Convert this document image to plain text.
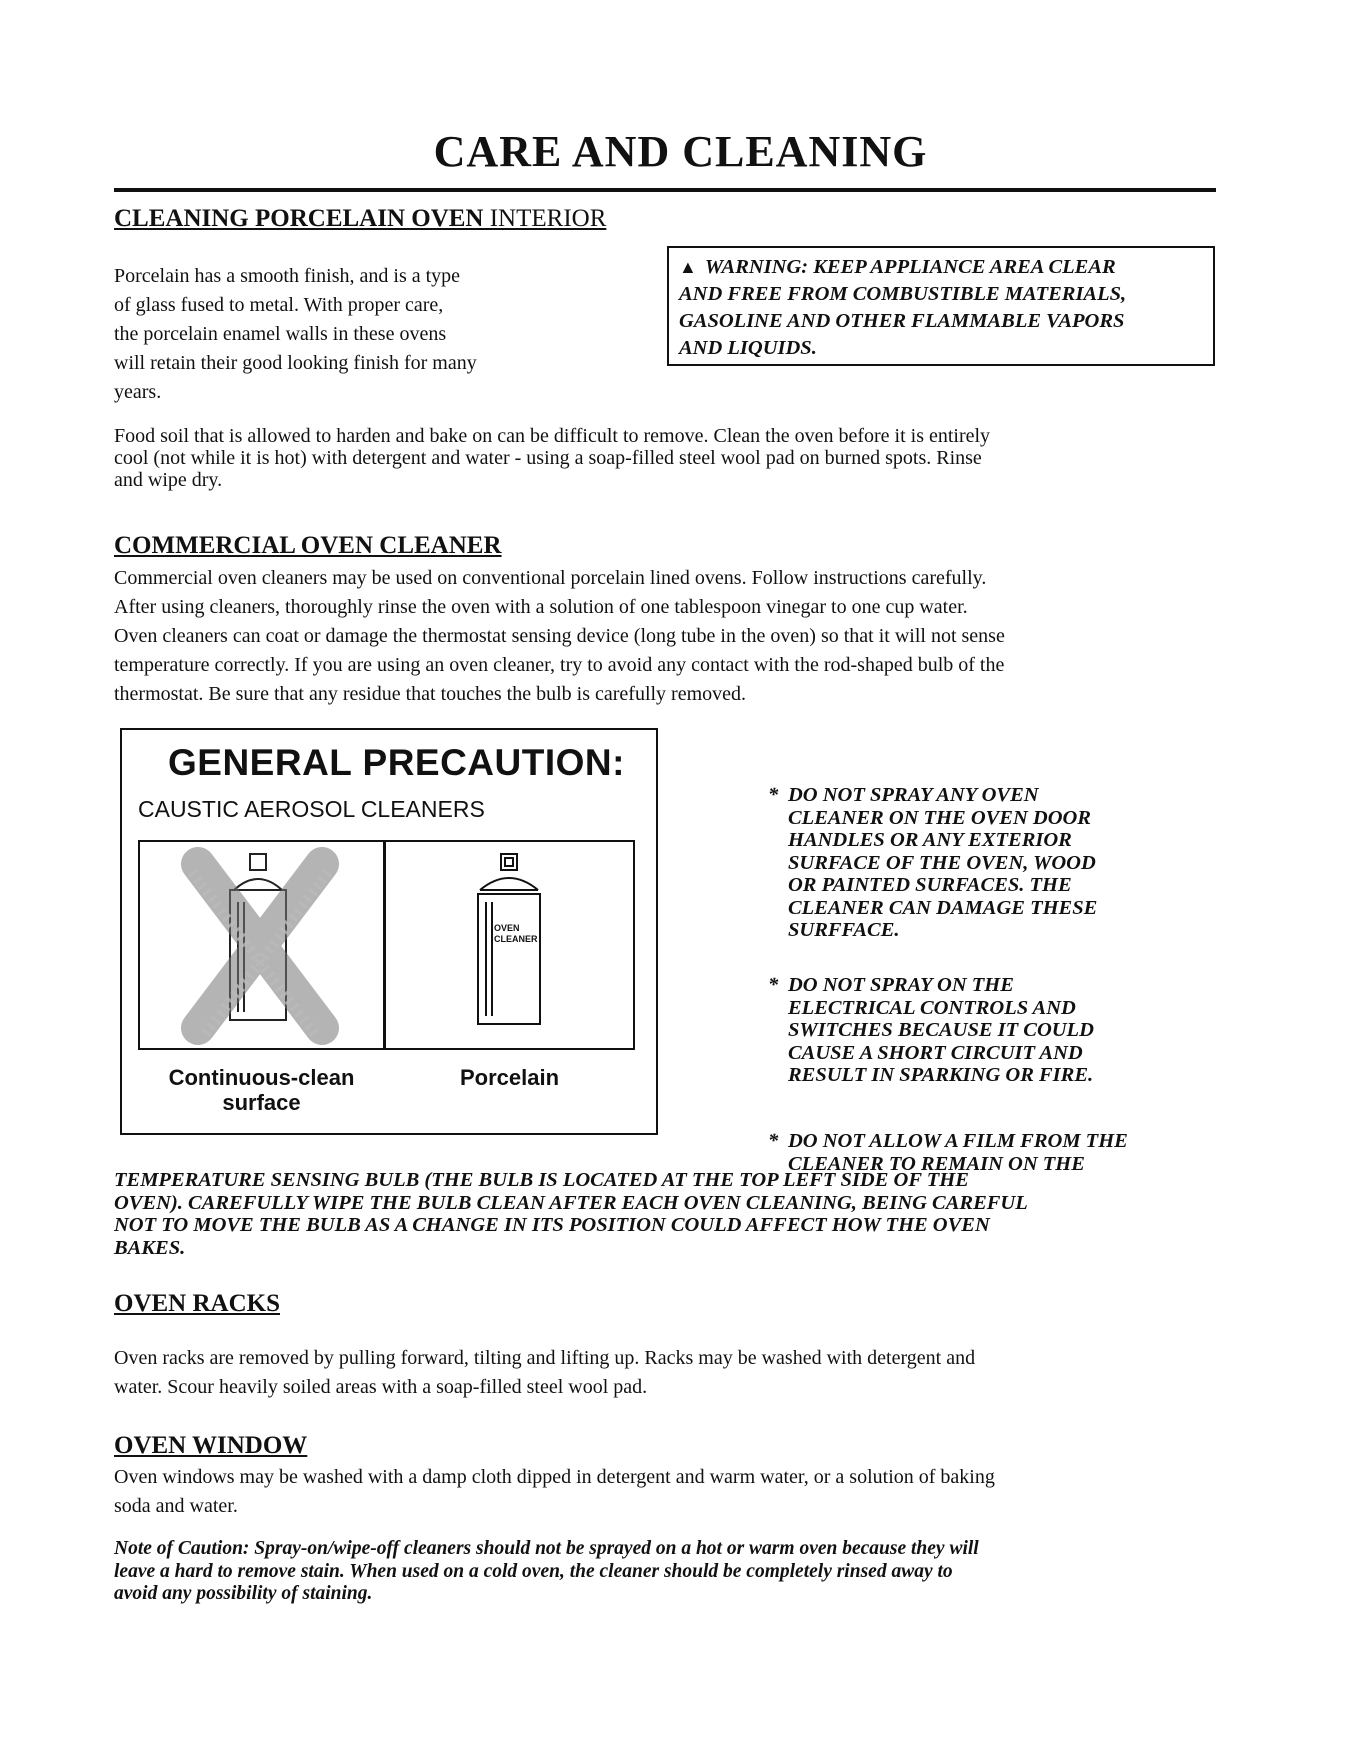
CARE AND CLEANING
CLEANING PORCELAIN OVEN INTERIOR

Porcelain has a smooth finish, and is a type

of glass fused to metal. With proper care,

the porcelain enamel walls in these ovens

will retain their good looking finish for many

years.

▲ WARNING: KEEP APPLIANCE AREA CLEAR
AND FREE FROM COMBUSTIBLE MATERIALS,
GASOLINE AND OTHER FLAMMABLE VAPORS
AND LIQUIDS.

Food soil that is allowed to harden and bake on can be difficult to remove. Clean the oven before it is entirely

cool (not while it is hot) with detergent and water - using a soap-filled steel wool pad on burned spots. Rinse

and wipe dry.

COMMERCIAL OVEN CLEANER

Commercial oven cleaners may be used on conventional porcelain lined ovens. Follow instructions carefully.

After using cleaners, thoroughly rinse the oven with a solution of one tablespoon vinegar to one cup water.

Oven cleaners can coat or damage the thermostat sensing device (long tube in the oven) so that it will not sense

temperature correctly. If you are using an oven cleaner, try to avoid any contact with the rod-shaped bulb of the

thermostat. Be sure that any residue that touches the bulb is carefully removed.

GENERAL PRECAUTION:
CAUSTIC AEROSOL CLEANERS
OVEN CLEANER
Continuous-clean
surface
Porcelain
* DO NOT SPRAY ANY OVEN
CLEANER ON THE OVEN DOOR
HANDLES OR ANY EXTERIOR
SURFACE OF THE OVEN, WOOD
OR PAINTED SURFACES. THE
CLEANER CAN DAMAGE THESE
SURFFACE.
* DO NOT SPRAY ON THE
ELECTRICAL CONTROLS AND
SWITCHES BECAUSE IT COULD
CAUSE A SHORT CIRCUIT AND
RESULT IN SPARKING OR FIRE.
* DO NOT ALLOW A FILM FROM THE
CLEANER TO REMAIN ON THE
TEMPERATURE SENSING BULB (THE BULB IS LOCATED AT THE TOP LEFT SIDE OF THE
OVEN). CAREFULLY WIPE THE BULB CLEAN AFTER EACH OVEN CLEANING, BEING CAREFUL
NOT TO MOVE THE BULB AS A CHANGE IN ITS POSITION COULD AFFECT HOW THE OVEN
BAKES.
OVEN RACKS

Oven racks are removed by pulling forward, tilting and lifting up. Racks may be washed with detergent and

water. Scour heavily soiled areas with a soap-filled steel wool pad.

OVEN WINDOW

Oven windows may be washed with a damp cloth dipped in detergent and warm water, or a solution of baking

soda and water.

Note of Caution: Spray-on/wipe-off cleaners should not be sprayed on a hot or warm oven because they will
leave a hard to remove stain. When used on a cold oven, the cleaner should be completely rinsed away to
avoid any possibility of staining.
